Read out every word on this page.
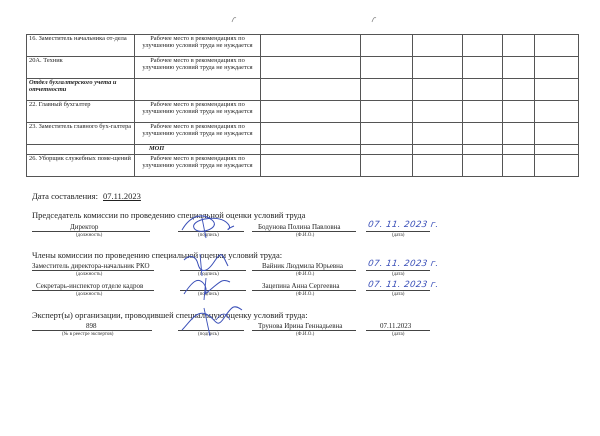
16. Заместитель начальника от-дела	Рабочее место в рекомендациях по улучшению условий труда не нуждается						
20А. Техник	Рабочее место в рекомендациях по улучшению условий труда не нуждается						
Отдел бухгалтерского учета и отчетности							
22. Главный бухгалтер	Рабочее место в рекомендациях по улучшению условий труда не нуждается						
23. Заместитель главного бух-галтера	Рабочее место в рекомендациях по улучшению условий труда не нуждается						
	МОП						
26. Уборщик служебных поме-щений	Рабочее место в рекомендациях по улучшению условий труда не нуждается						
Дата составления: 07.11.2023
Председатель комиссии по проведению специальной оценки условий труда
Директор
(должность)	(подпись)
Бодунова Полина Павловна
(Ф.И.О.)
07. 11. 2023 г.
(дата)
Члены комиссии по проведению специальной оценки условий труда:
Заместитель директора-начальник РКО
(должность)	(подпись)
Вайник Людмила Юрьевна
(Ф.И.О.)
07. 11. 2023 г.
(дата)
Секретарь-инспектор отделе кадров
(должность)	(подпись)
Зацепина Анна Сергеевна
(Ф.И.О.)
07. 11. 2023 г.
(дата)
Эксперт(ы) организации, проводившей специальную оценку условий труда:
898
(№ в реестре экспертов)	(подпись)
Трунова Ирина Геннадьевна
(Ф.И.О.)
07.11.2023
(дата)
